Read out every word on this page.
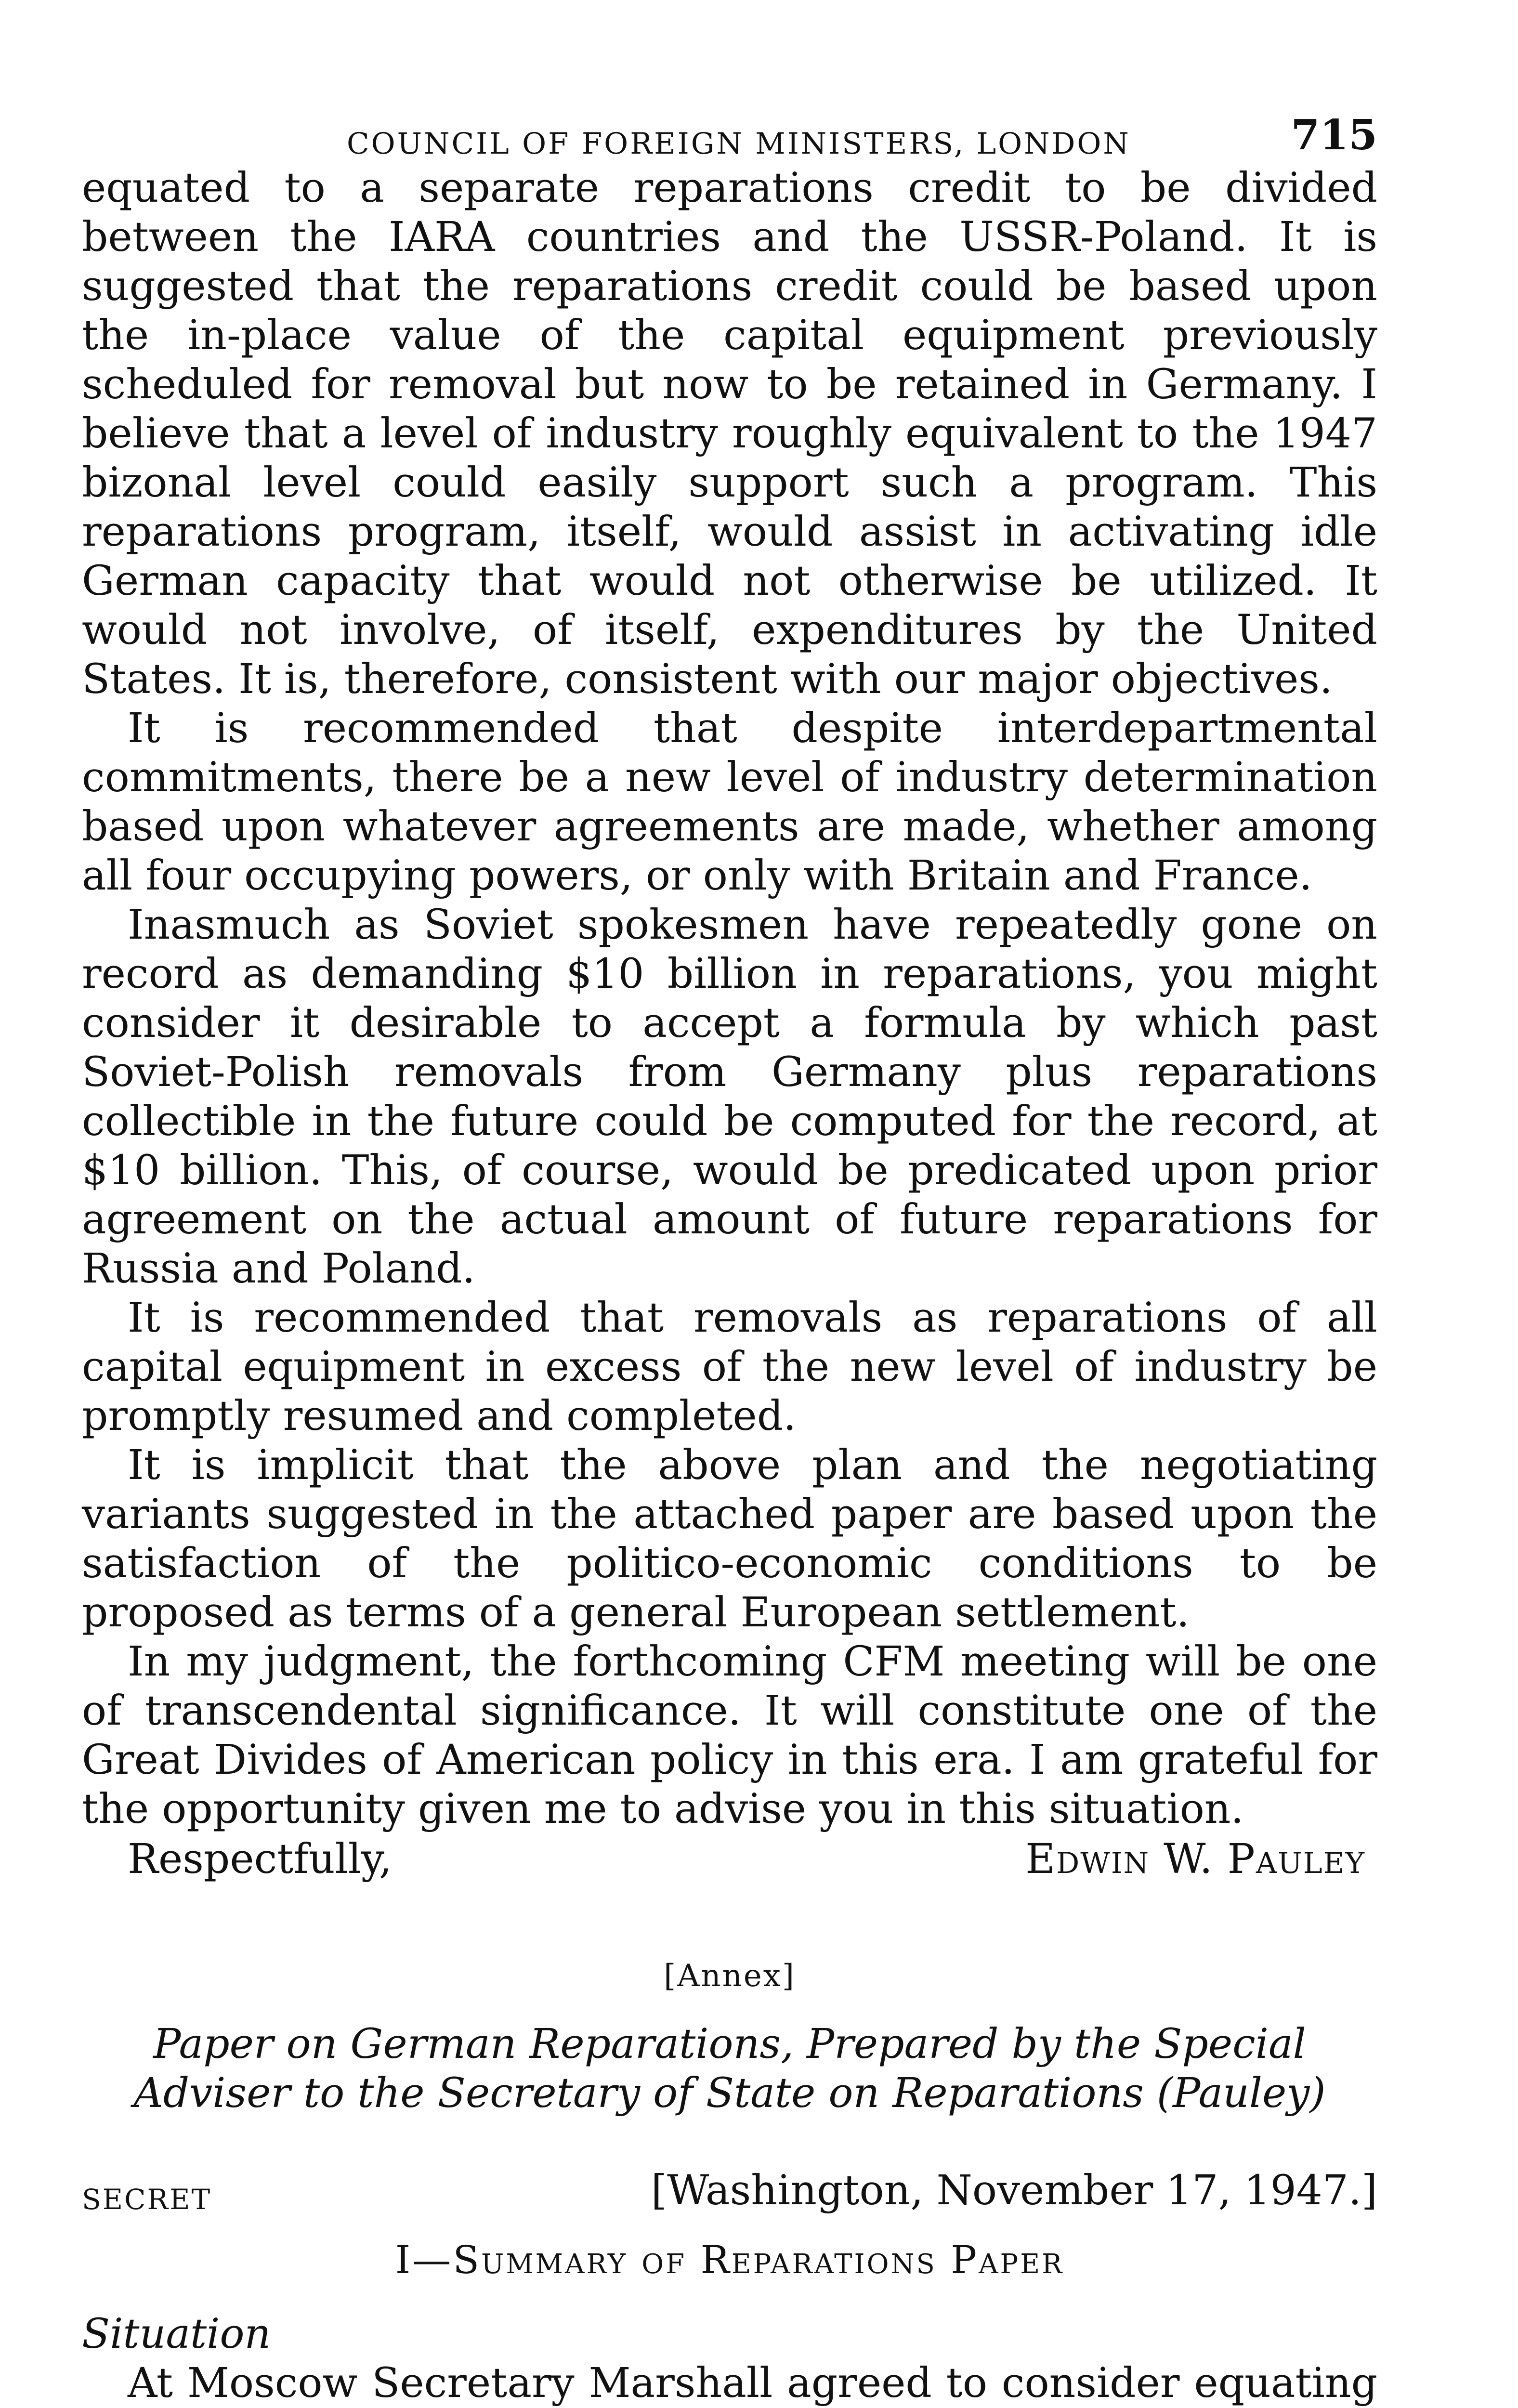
COUNCIL OF FOREIGN MINISTERS, LONDON	715

equated to a separate reparations credit to be divided between the IARA countries and the USSR-Poland. It is suggested that the reparations credit could be based upon the in-place value of the capital equipment previously scheduled for removal but now to be retained in Germany. I believe that a level of industry roughly equivalent to the 1947 bizonal level could easily support such a program. This reparations program, itself, would assist in activating idle German capacity that would not otherwise be utilized. It would not involve, of itself, expenditures by the United States. It is, therefore, consistent with our major objectives.

It is recommended that despite interdepartmental commitments, there be a new level of industry determination based upon whatever agreements are made, whether among all four occupying powers, or only with Britain and France.

Inasmuch as Soviet spokesmen have repeatedly gone on record as demanding $10 billion in reparations, you might consider it desirable to accept a formula by which past Soviet-Polish removals from Germany plus reparations collectible in the future could be computed for the record, at $10 billion. This, of course, would be predicated upon prior agreement on the actual amount of future reparations for Russia and Poland.

It is recommended that removals as reparations of all capital equipment in excess of the new level of industry be promptly resumed and completed.

It is implicit that the above plan and the negotiating variants suggested in the attached paper are based upon the satisfaction of the politico-economic conditions to be proposed as terms of a general European settlement.

In my judgment, the forthcoming CFM meeting will be one of transcendental significance. It will constitute one of the Great Divides of American policy in this era. I am grateful for the opportunity given me to advise you in this situation.

Respectfully,	Edwin W. Pauley
[Annex]
Paper on German Reparations, Prepared by the Special Adviser to the Secretary of State on Reparations (Pauley)
SECRET	[Washington, November 17, 1947.]
I—Summary of Reparations Paper
Situation

At Moscow Secretary Marshall agreed to consider equating
